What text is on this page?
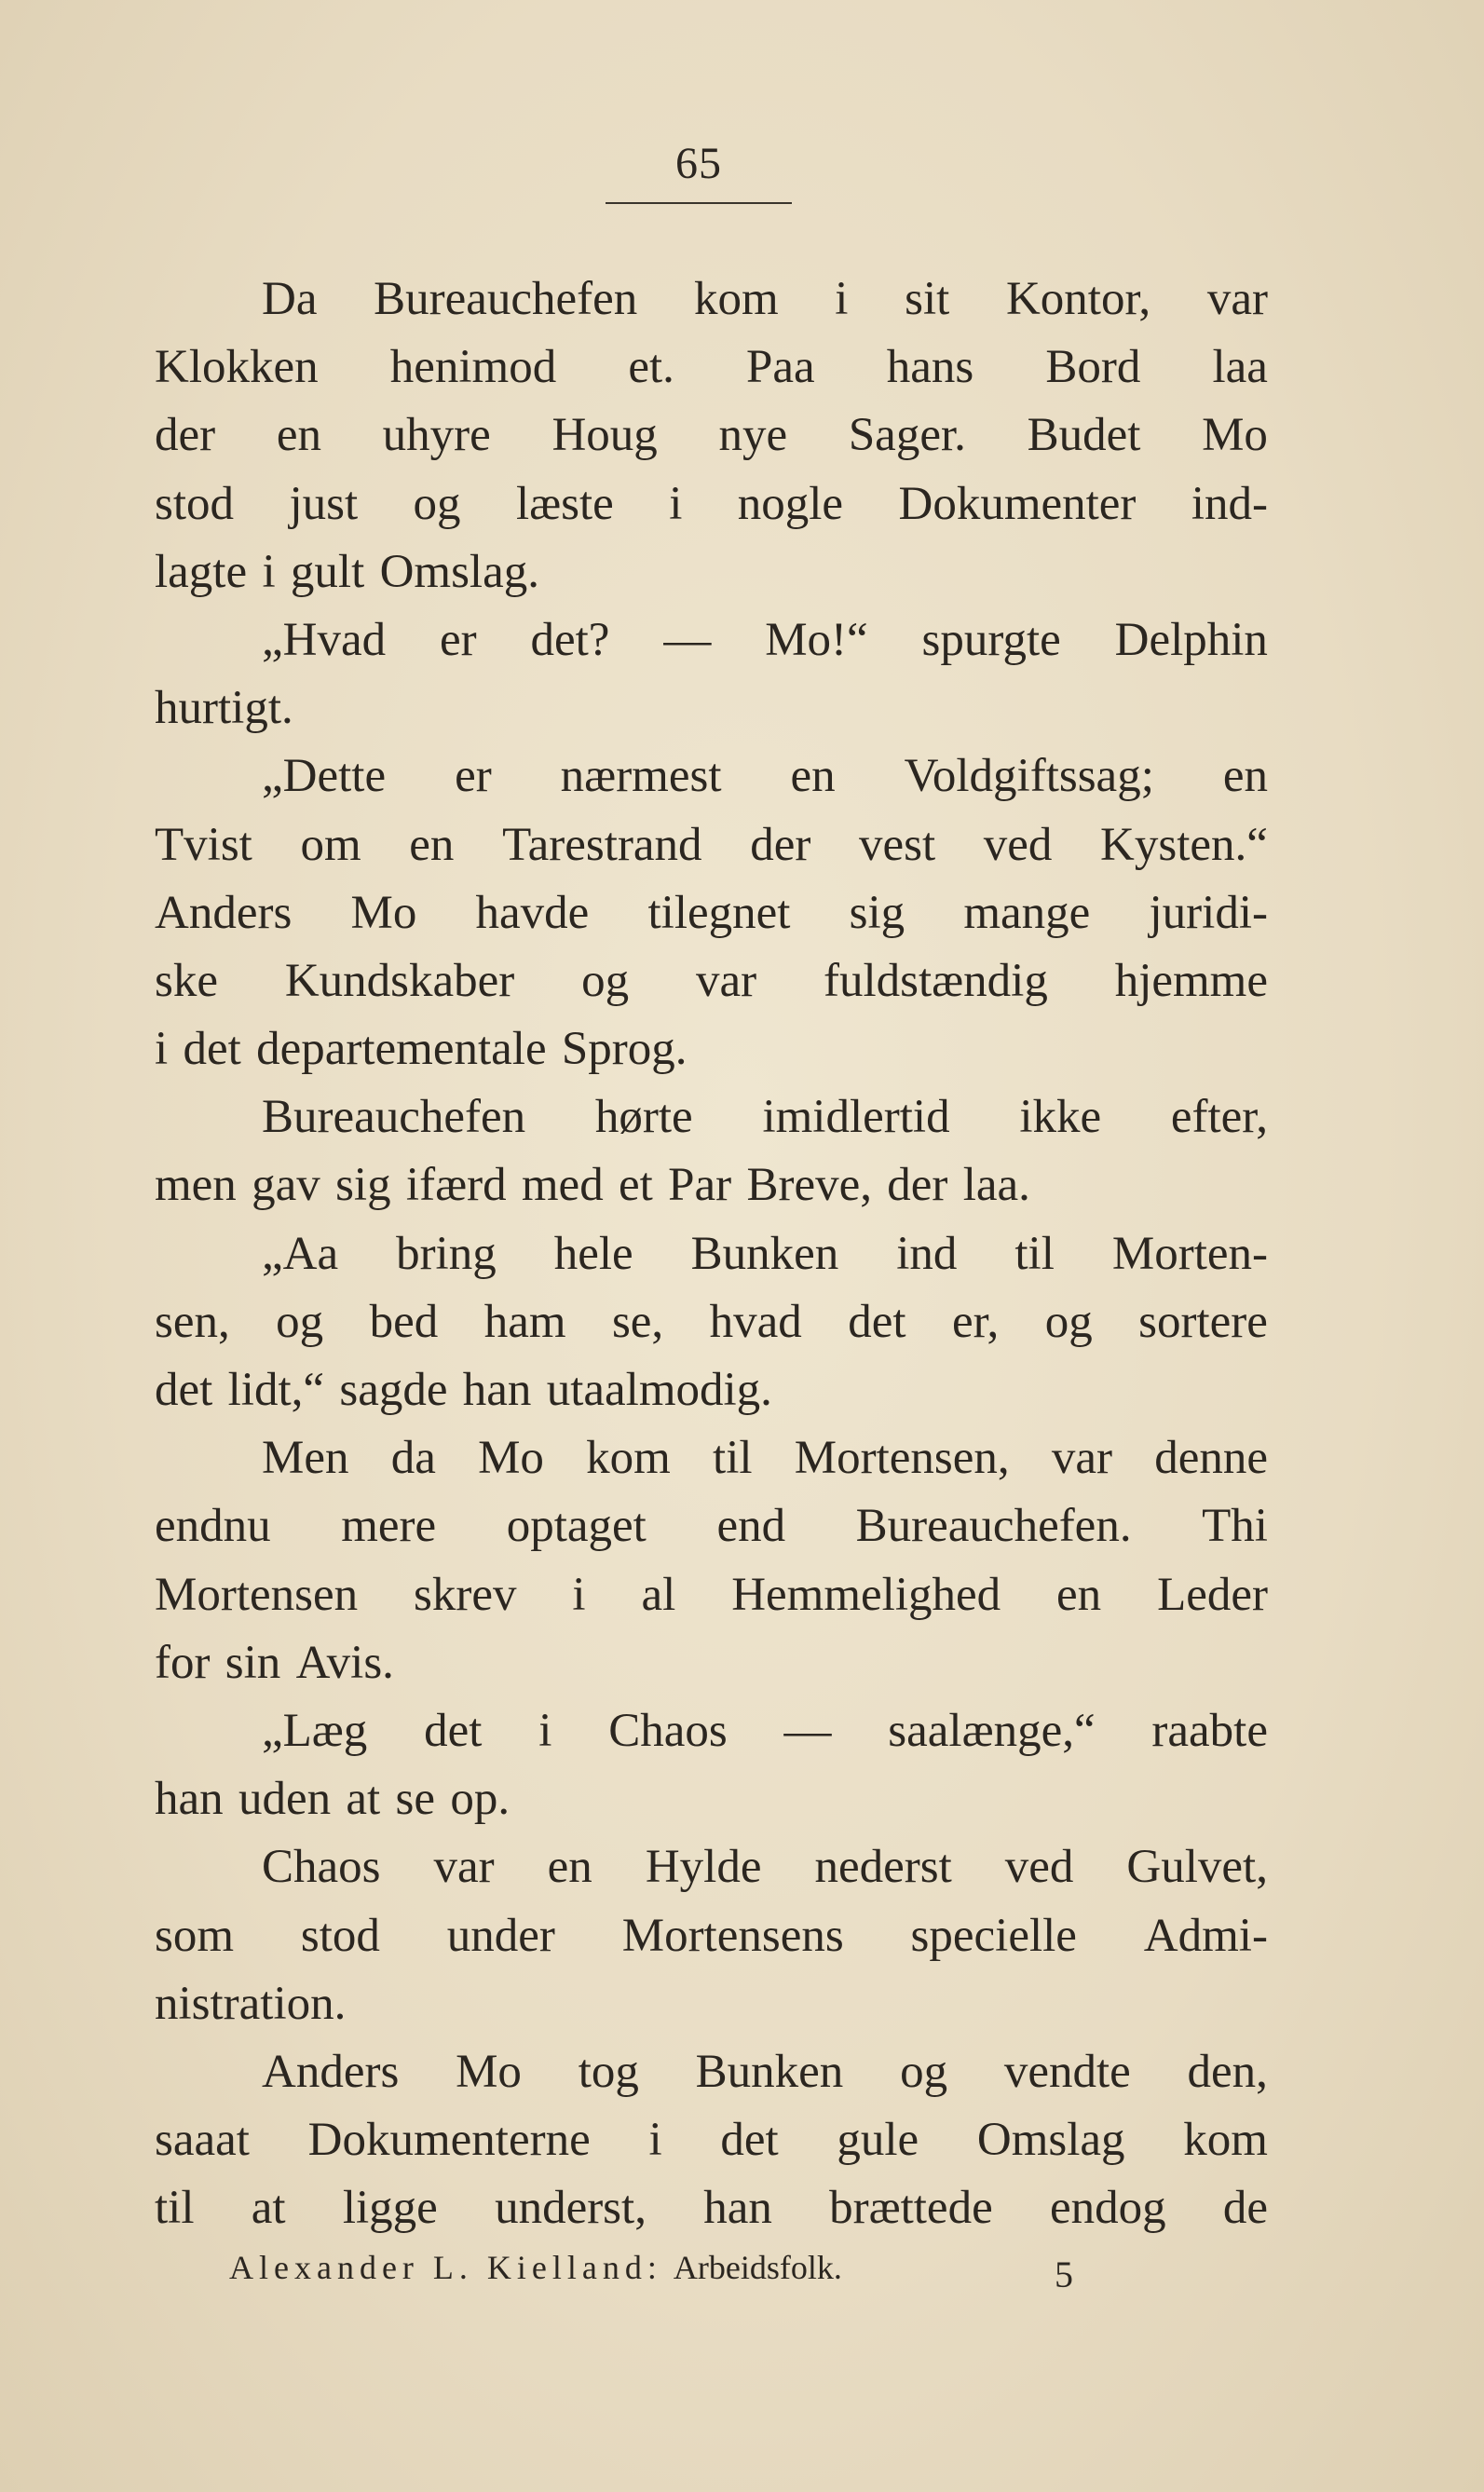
65
Da Bureauchefen kom i sit Kontor, var
Klokken henimod et. Paa hans Bord laa
der en uhyre Houg nye Sager. Budet Mo
stod just og læste i nogle Dokumenter ind-
lagte i gult Omslag.
„Hvad er det? — Mo!“ spurgte Delphin
hurtigt.
„Dette er nærmest en Voldgiftssag; en
Tvist om en Tarestrand der vest ved Kysten.“
Anders Mo havde tilegnet sig mange juridi-
ske Kundskaber og var fuldstændig hjemme
i det departementale Sprog.
Bureauchefen hørte imidlertid ikke efter,
men gav sig ifærd med et Par Breve, der laa.
„Aa bring hele Bunken ind til Morten-
sen, og bed ham se, hvad det er, og sortere
det lidt,“ sagde han utaalmodig.
Men da Mo kom til Mortensen, var denne
endnu mere optaget end Bureauchefen. Thi
Mortensen skrev i al Hemmelighed en Leder
for sin Avis.
„Læg det i Chaos — saalænge,“ raabte
han uden at se op.
Chaos var en Hylde nederst ved Gulvet,
som stod under Mortensens specielle Admi-
nistration.
Anders Mo tog Bunken og vendte den,
saaat Dokumenterne i det gule Omslag kom
til at ligge underst, han brættede endog de
Alexander L. Kielland: Arbeidsfolk.	5
